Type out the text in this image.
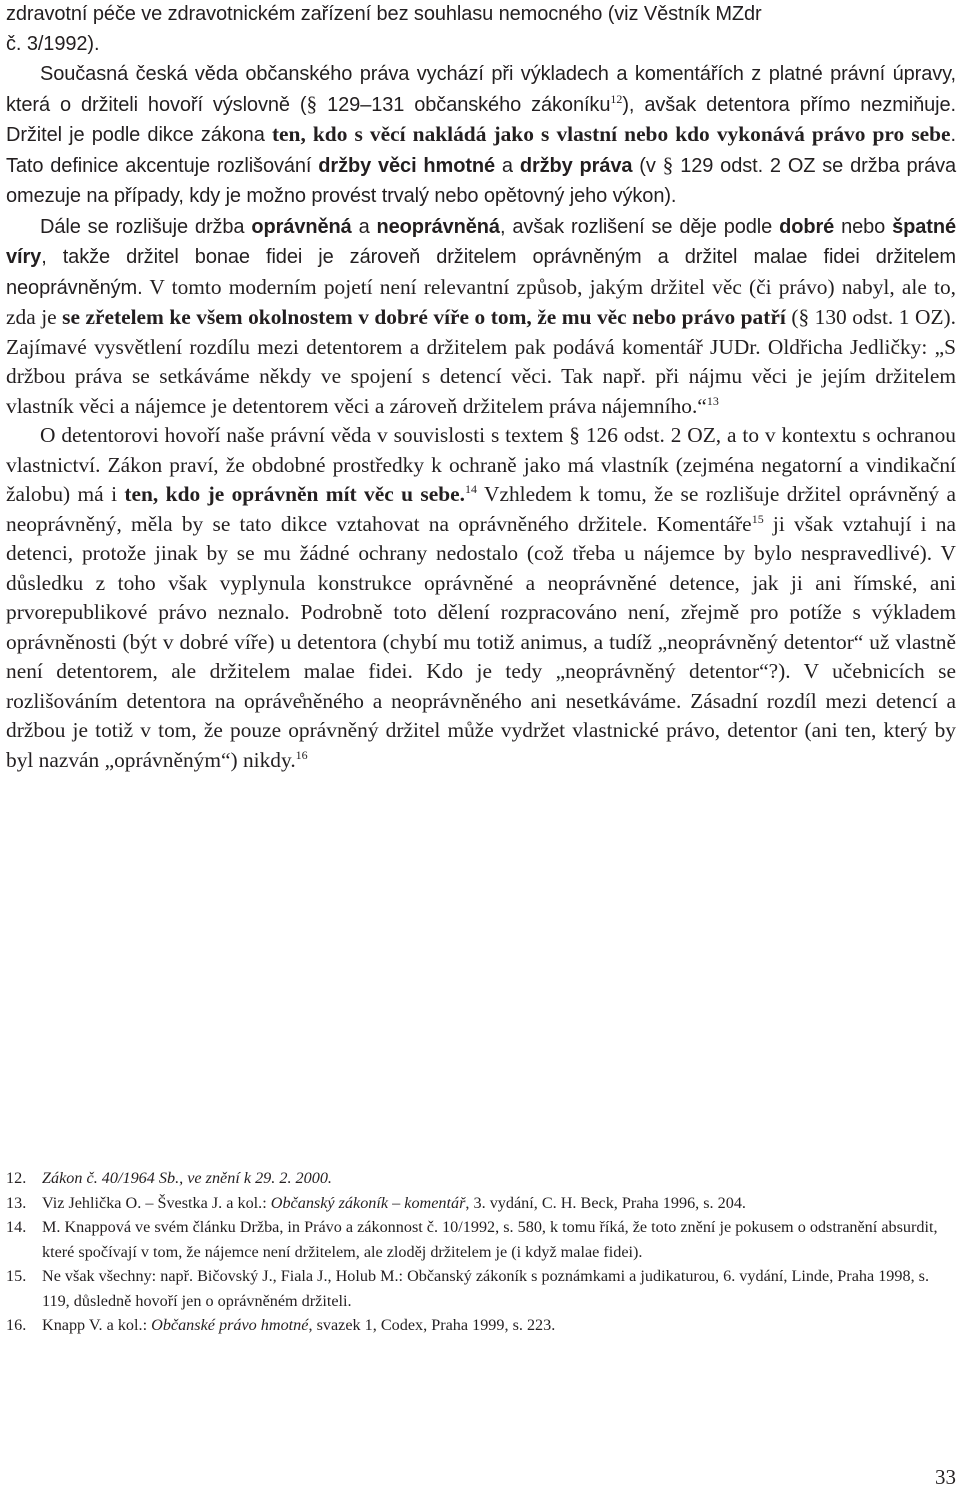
zdravotní péče ve zdravotnickém zařízení bez souhlasu nemocného (viz Věstník MZdr
č. 3/1992).

Současná česká věda občanského práva vychází při výkladech a komentářích z platné právní úpravy, která o držiteli hovoří výslovně (§ 129–131 občanského zákoníku$^{12}$), avšak detentora přímo nezmiňuje. Držitel je podle dikce zákona ten, kdo s věcí nakládá jako s vlastní nebo kdo vykonává právo pro sebe. Tato definice akcentuje rozlišování držby věci hmotné a držby práva (v § 129 odst. 2 OZ se držba práva omezuje na případy, kdy je možno provést trvalý nebo opětovný jeho výkon).

Dále se rozlišuje držba oprávněná a neoprávněná, avšak rozlišení se děje podle dobré nebo špatné víry, takže držitel bonae fidei je zároveň držitelem oprávněným a držitel malae fidei držitelem neoprávněným. V tomto moderním pojetí není relevantní způsob, jakým držitel věc (či právo) nabyl, ale to, zda je se zřetelem ke všem okolnostem v dobré víře o tom, že mu věc nebo právo patří (§ 130 odst. 1 OZ). Zajímavé vysvětlení rozdílu mezi detentorem a držitelem pak podává komentář JUDr. Oldřicha Jedličky: „S držbou práva se setkáváme někdy ve spojení s detencí věci. Tak např. při nájmu věci je jejím držitelem vlastník věci a nájemce je detentorem věci a zároveň držitelem práva nájemního.“$^{13}$

O detentorovi hovoří naše právní věda v souvislosti s textem § 126 odst. 2 OZ, a to v kontextu s ochranou vlastnictví. Zákon praví, že obdobné prostředky k ochraně jako má vlastník (zejména negatorní a vindikační žalobu) má i ten, kdo je oprávněn mít věc u sebe.$^{14}$ Vzhledem k tomu, že se rozlišuje držitel oprávněný a neoprávněný, měla by se tato dikce vztahovat na oprávněného držitele. Komentáře$^{15}$ ji však vztahují i na detenci, protože jinak by se mu žádné ochrany nedostalo (což třeba u nájemce by bylo nespravedlivé). V důsledku z toho však vyplynula konstrukce oprávněné a neoprávněné detence, jak ji ani římské, ani prvorepublikové právo neznalo. Podrobně toto dělení rozpracováno není, zřejmě pro potíže s výkladem oprávněnosti (být v dobré víře) u detentora (chybí mu totiž animus, a tudíž „neoprávněný detentor“ už vlastně není detentorem, ale držitelem malae fidei. Kdo je tedy „neoprávněný detentor“?). V učebnicích se rozlišováním detentora na opráve̊něného a neoprávněného ani nesetkáváme. Zásadní rozdíl mezi detencí a držbou je totiž v tom, že pouze oprávněný držitel může vydržet vlastnické právo, detentor (ani ten, který by byl nazván „oprávněným“) nikdy.$^{16}$

12. Zákon č. 40/1964 Sb., ve znění k 29. 2. 2000.
13. Viz Jehlička O. – Švestka J. a kol.: Občanský zákoník – komentář, 3. vydání, C. H. Beck, Praha 1996, s. 204.
14. M. Knappová ve svém článku Držba, in Právo a zákonnost č. 10/1992, s. 580, k tomu říká, že toto znění je pokusem o odstranění absurdit, které spočívají v tom, že nájemce není držitelem, ale zloděj držitelem je (i když malae fidei).
15. Ne však všechny: např. Bičovský J., Fiala J., Holub M.: Občanský zákoník s poznámkami a judikaturou, 6. vydání, Linde, Praha 1998, s. 119, důsledně hovoří jen o oprávněném držiteli.
16. Knapp V. a kol.: Občanské právo hmotné, svazek 1, Codex, Praha 1999, s. 223.
33
